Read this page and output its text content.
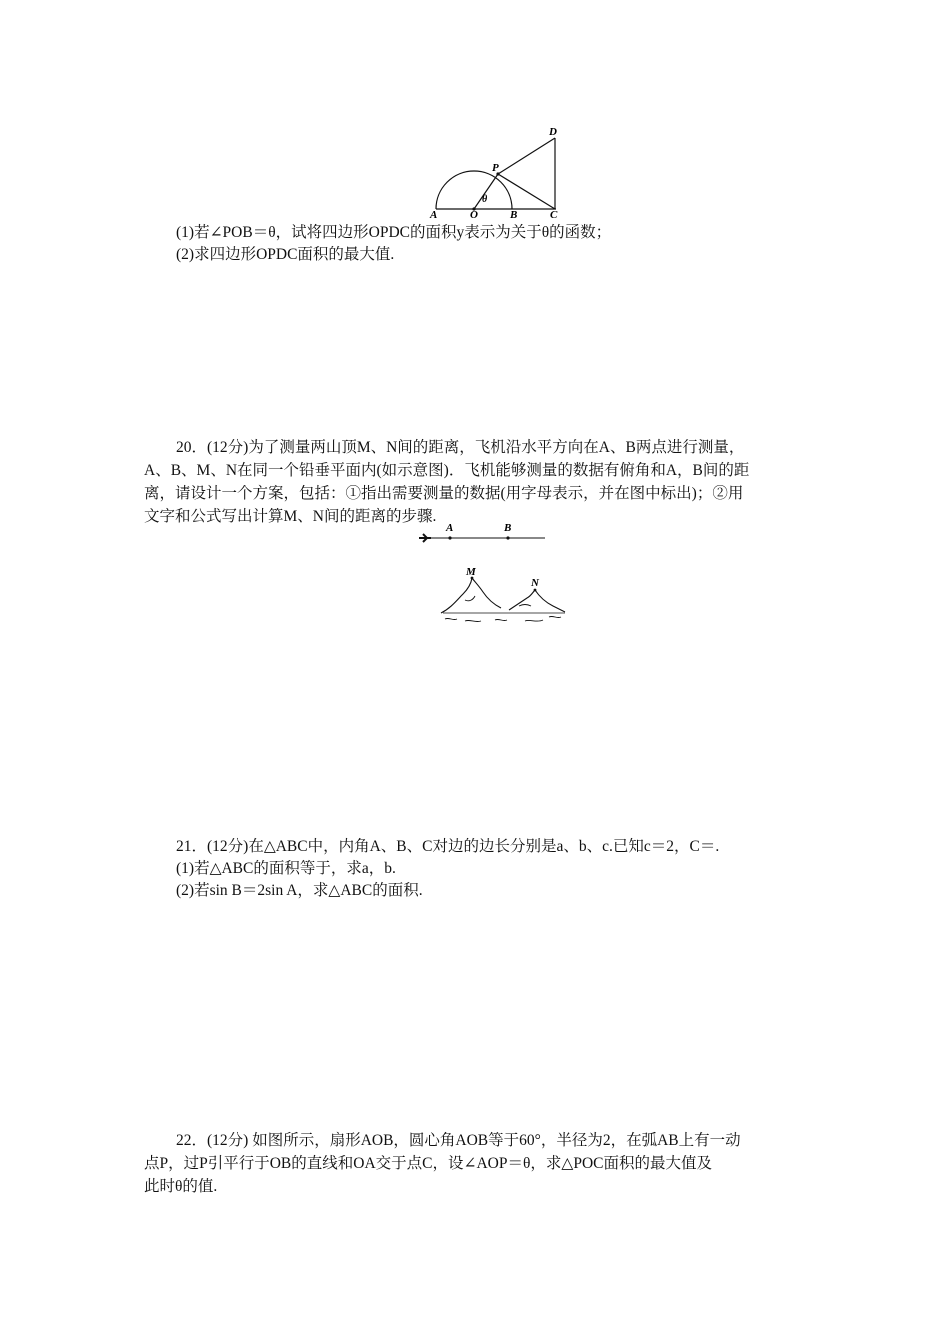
A	O	B	C
D
P
θ
(1)若∠POB＝θ，试将四边形OPDC的面积y表示为关于θ的函数；
(2)求四边形OPDC面积的最大值.
20．(12分)为了测量两山顶M、N间的距离，飞机沿水平方向在A、B两点进行测量，
A、B、M、N在同一个铅垂平面内(如示意图)．飞机能够测量的数据有俯角和A，B间的距
离，请设计一个方案，包括：①指出需要测量的数据(用字母表示，并在图中标出)；②用
文字和公式写出计算M、N间的距离的步骤.
A	B
M
N
21．(12分)在△ABC中，内角A、B、C对边的边长分别是a、b、c.已知c＝2，C＝.
(1)若△ABC的面积等于，求a，b.
(2)若sin B＝2sin A，求△ABC的面积.
22．(12分) 如图所示，扇形AOB，圆心角AOB等于60°，半径为2，在弧AB上有一动
点P，过P引平行于OB的直线和OA交于点C，设∠AOP＝θ，求△POC面积的最大值及
此时θ的值.
